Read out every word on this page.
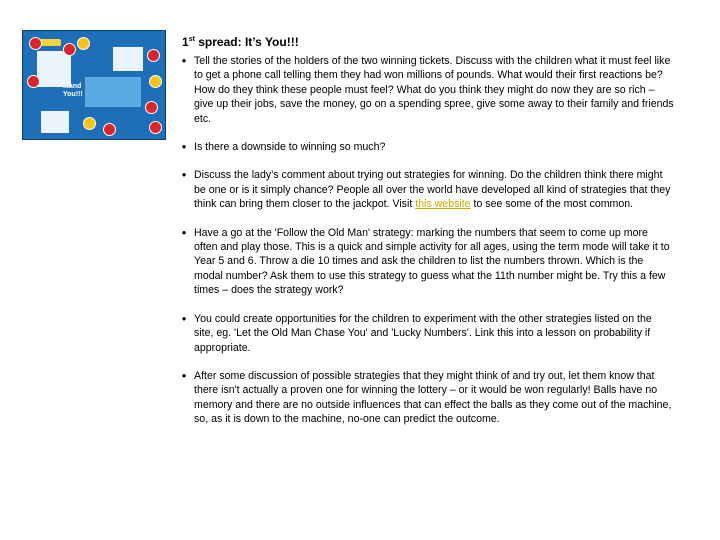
...and
You!!!
1st spread: It’s You!!!
● Tell the stories of the holders of the two winning tickets. Discuss with the children what it must feel like to get a phone call telling them they had won millions of pounds. What would their first reactions be? How do they think these people must feel? What do you think they might do now they are so rich – give up their jobs, save the money, go on a spending spree, give some away to their family and friends etc.
● Is there a downside to winning so much?
● Discuss the lady’s comment about trying out strategies for winning. Do the children think there might be one or is it simply chance? People all over the world have developed all kind of strategies that they think can bring them closer to the jackpot. Visit this website to see some of the most common.
● Have a go at the 'Follow the Old Man' strategy: marking the numbers that seem to come up more often and play those. This is a quick and simple activity for all ages, using the term mode will take it to Year 5 and 6. Throw a die 10 times and ask the children to list the numbers thrown. Which is the modal number? Ask them to use this strategy to guess what the 11th number might be. Try this a few times – does the strategy work?
● You could create opportunities for the children to experiment with the other strategies listed on the site, eg. 'Let the Old Man Chase You' and 'Lucky Numbers'. Link this into a lesson on probability if appropriate.
● After some discussion of possible strategies that they might think of and try out, let them know that there isn't actually a proven one for winning the lottery – or it would be won regularly! Balls have no memory and there are no outside influences that can effect the balls as they come out of the machine, so, as it is down to the machine, no-one can predict the outcome.
